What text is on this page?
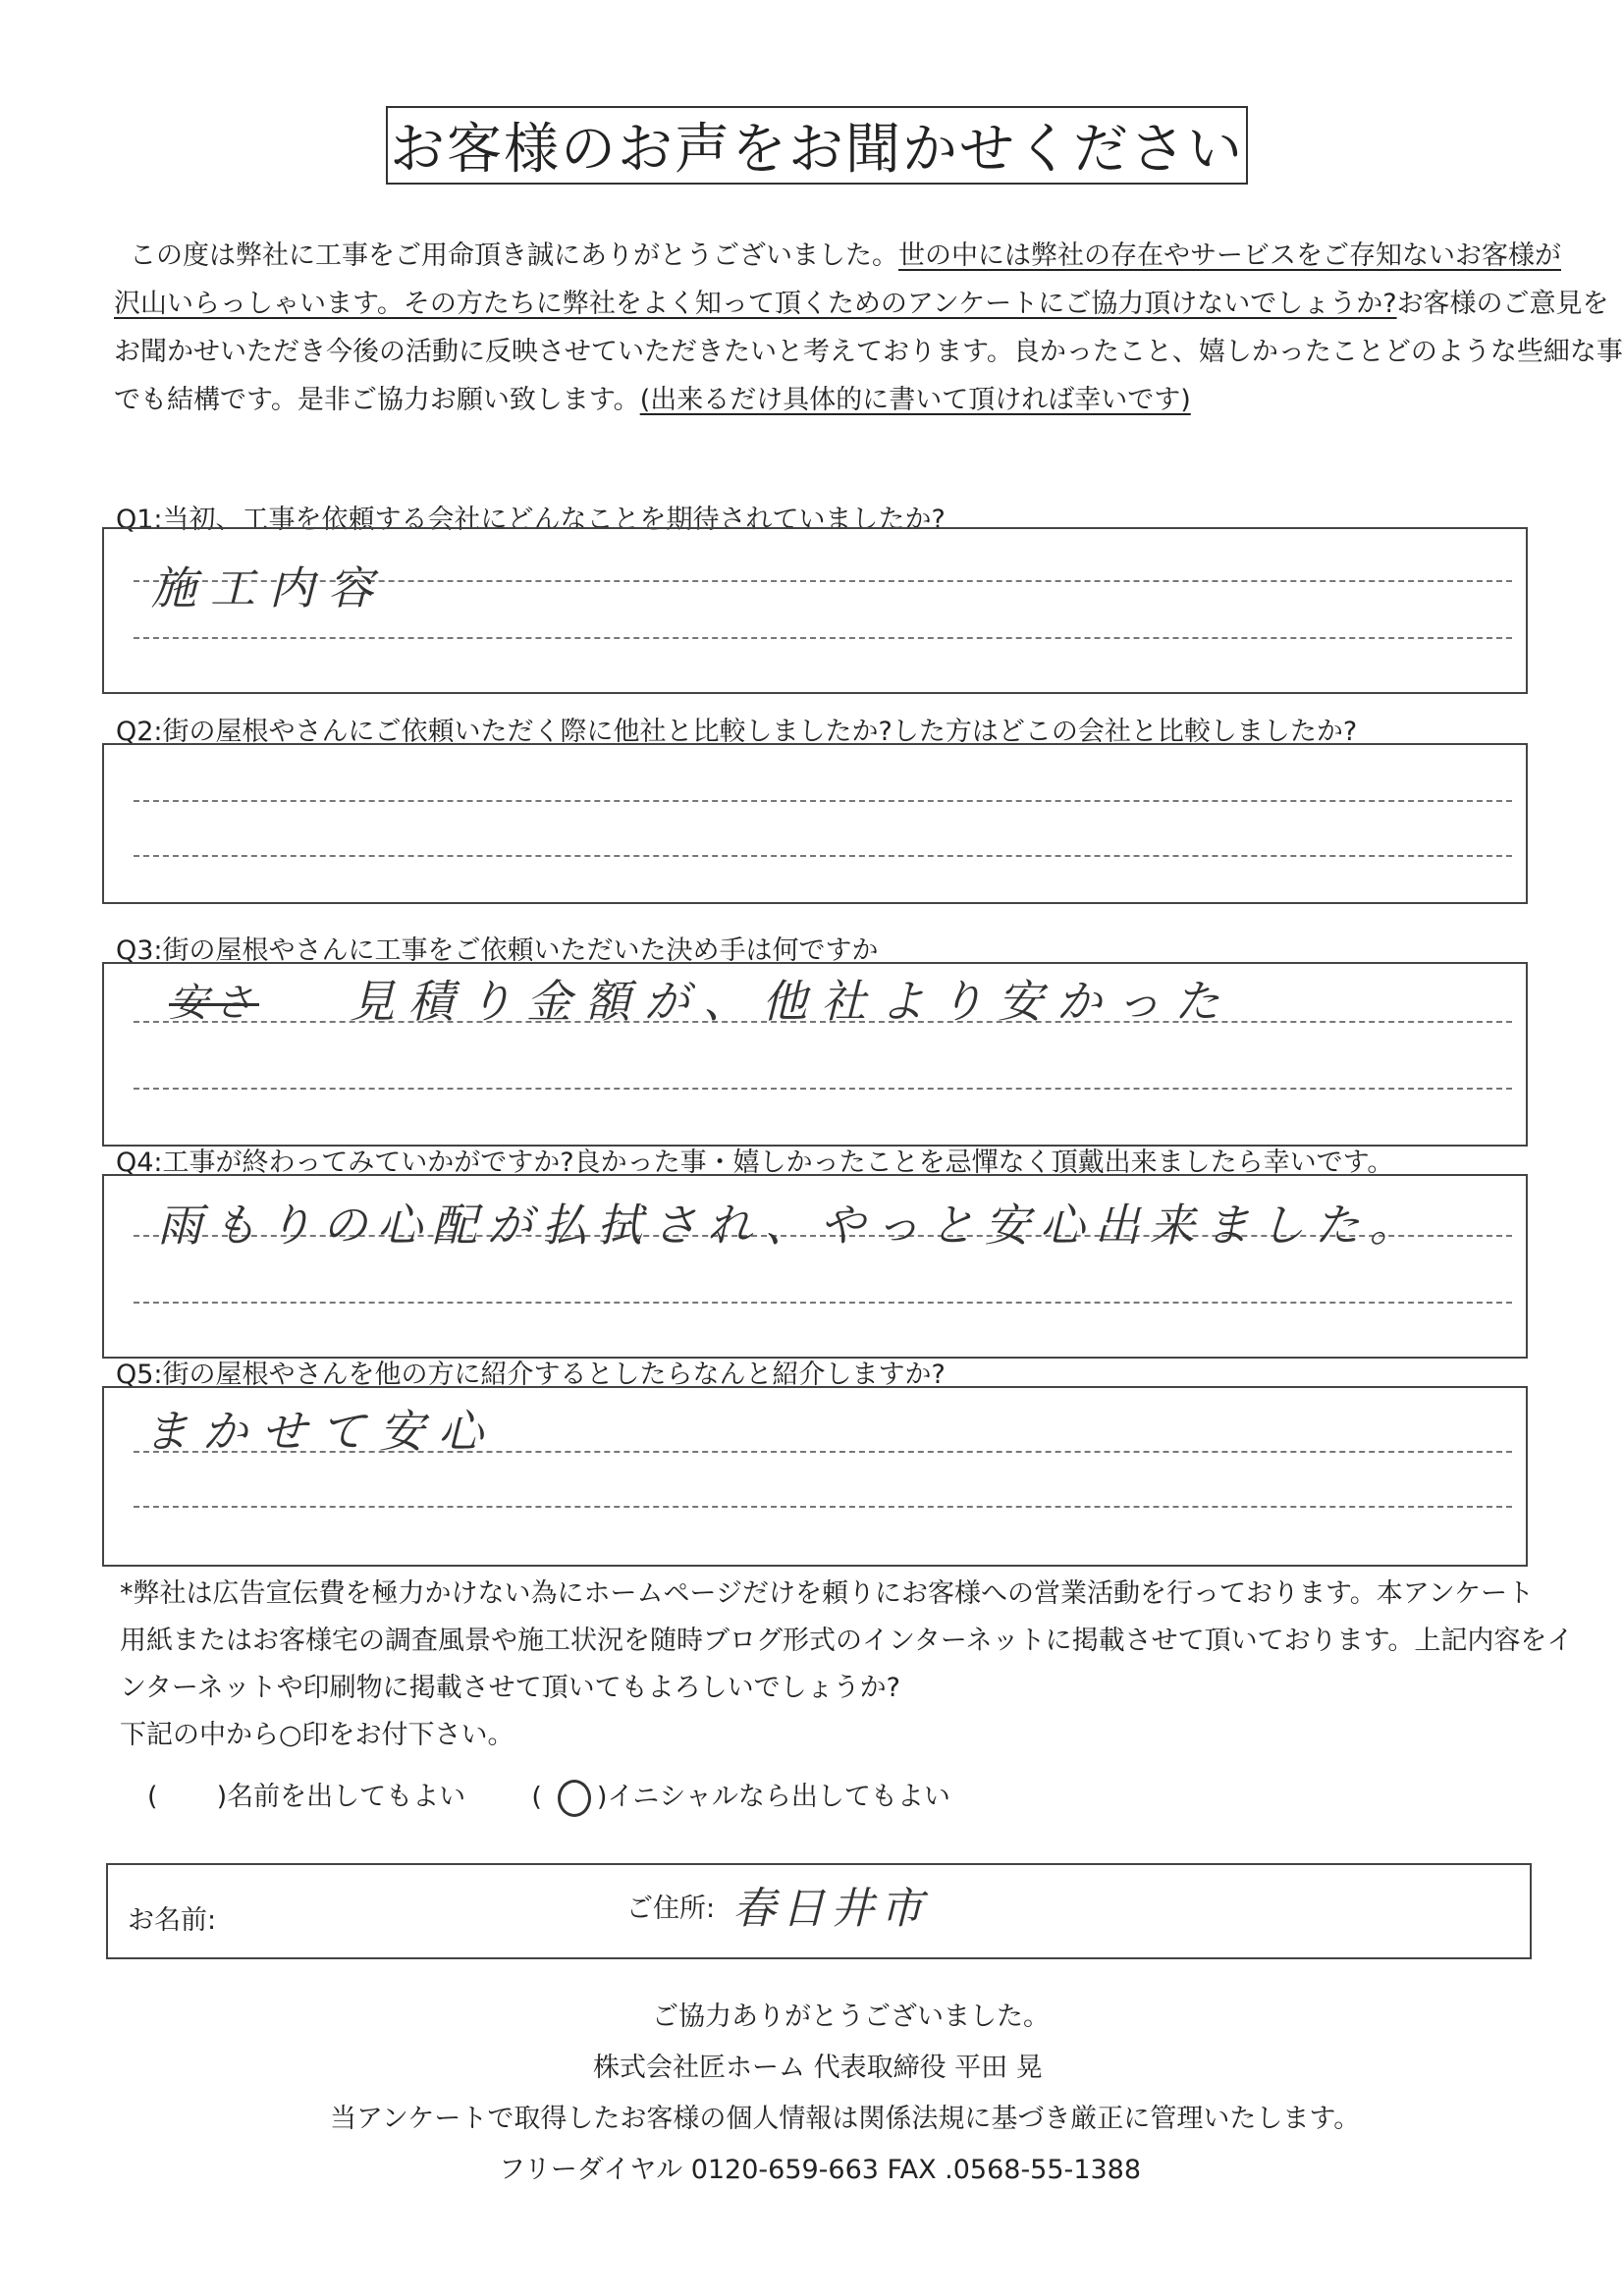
お客様のお声をお聞かせください
この度は弊社に工事をご用命頂き誠にありがとうございました。世の中には弊社の存在やサービスをご存知ないお客様が
沢山いらっしゃいます。その方たちに弊社をよく知って頂くためのアンケートにご協力頂けないでしょうか?お客様のご意見を
お聞かせいただき今後の活動に反映させていただきたいと考えております。良かったこと、嬉しかったことどのような些細な事
でも結構です。是非ご協力お願い致します。(出来るだけ具体的に書いて頂ければ幸いです)
Q1:当初、工事を依頼する会社にどんなことを期待されていましたか?
施工内容
Q2:街の屋根やさんにご依頼いただく際に他社と比較しましたか?した方はどこの会社と比較しましたか?
Q3:街の屋根やさんに工事をご依頼いただいた決め手は何ですか
安さ 見積り金額が、他社より安かった
Q4:工事が終わってみていかがですか?良かった事・嬉しかったことを忌憚なく頂戴出来ましたら幸いです。
雨もりの心配が払拭され、やっと安心出来ました。
Q5:街の屋根やさんを他の方に紹介するとしたらなんと紹介しますか?
まかせて安心
*弊社は広告宣伝費を極力かけない為にホームページだけを頼りにお客様への営業活動を行っております。本アンケート
用紙またはお客様宅の調査風景や施工状況を随時ブログ形式のインターネットに掲載させて頂いております。上記内容をイ
ンターネットや印刷物に掲載させて頂いてもよろしいでしょうか?
下記の中から○印をお付下さい。
(       )名前を出してもよい ( ○ )イニシャルなら出してもよい
お名前:	ご住所: 春日井市
ご協力ありがとうございました。
株式会社匠ホーム 代表取締役 平田 晃
当アンケートで取得したお客様の個人情報は関係法規に基づき厳正に管理いたします。
フリーダイヤル 0120-659-663 FAX .0568-55-1388
